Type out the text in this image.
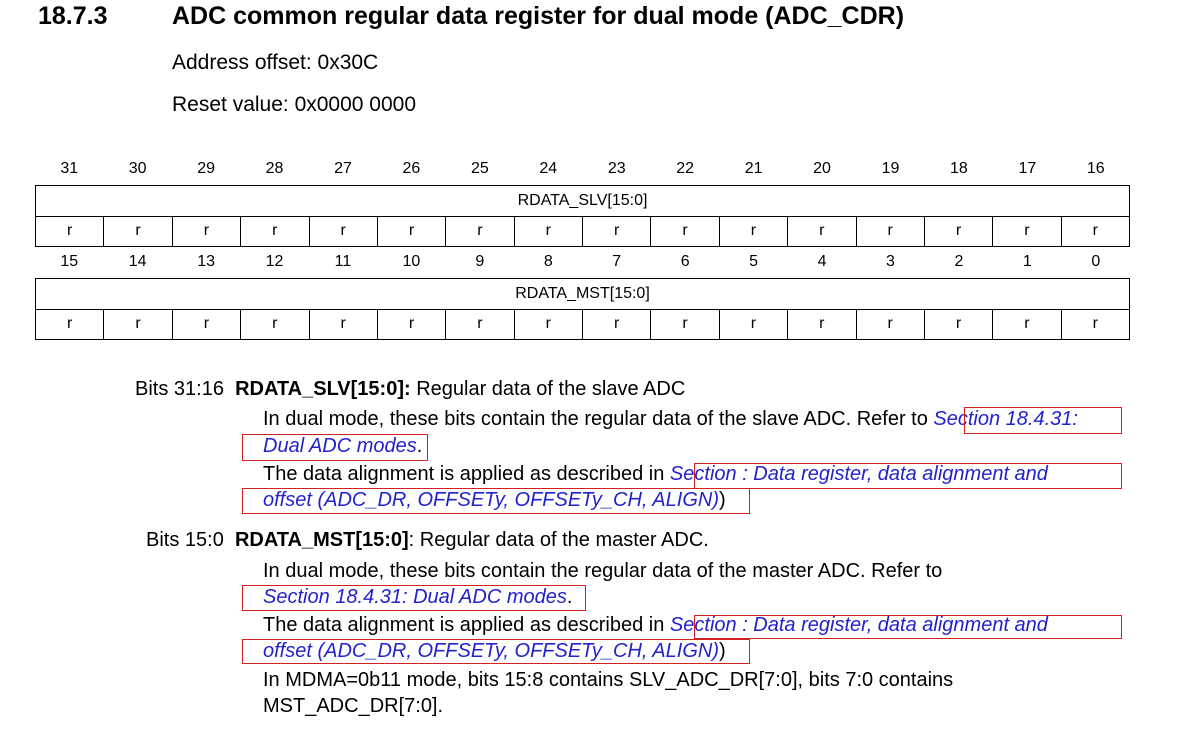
18.7.3	ADC common regular data register for dual mode (ADC_CDR)
Address offset: 0x30C
Reset value: 0x0000 0000
31	30	29	28	27	26	25	24	23	22	21	20	19	18	17	16
RDATA_SLV[15:0]
r	r	r	r	r	r	r	r	r	r	r	r	r	r	r	r
15	14	13	12	11	10	9	8	7	6	5	4	3	2	1	0
RDATA_MST[15:0]
r	r	r	r	r	r	r	r	r	r	r	r	r	r	r	r
Bits 31:16 RDATA_SLV[15:0]: Regular data of the slave ADC
In dual mode, these bits contain the regular data of the slave ADC. Refer to Section 18.4.31:
Dual ADC modes.
The data alignment is applied as described in Section : Data register, data alignment and
offset (ADC_DR, OFFSETy, OFFSETy_CH, ALIGN))
Bits 15:0 RDATA_MST[15:0]: Regular data of the master ADC.
In dual mode, these bits contain the regular data of the master ADC. Refer to
Section 18.4.31: Dual ADC modes.
The data alignment is applied as described in Section : Data register, data alignment and
offset (ADC_DR, OFFSETy, OFFSETy_CH, ALIGN))
In MDMA=0b11 mode, bits 15:8 contains SLV_ADC_DR[7:0], bits 7:0 contains
MST_ADC_DR[7:0].
